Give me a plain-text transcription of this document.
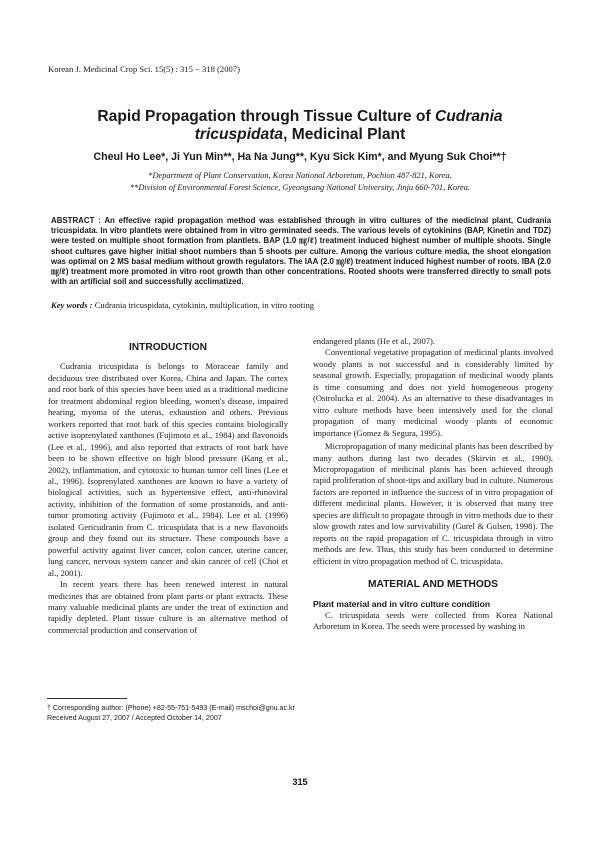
Korean J. Medicinal Crop Sci. 15(5) : 315 − 318 (2007)
Rapid Propagation through Tissue Culture of Cudrania
tricuspidata, Medicinal Plant
Cheul Ho Lee*, Ji Yun Min**, Ha Na Jung**, Kyu Sick Kim*, and Myung Suk Choi**†
*Department of Plant Conservation, Korea National Arboretum, Pochion 487-821, Korea.
**Division of Environmental Forest Science, Gyeongsang National University, Jinju 660-701, Korea.
ABSTRACT : An effective rapid propagation method was established through in vitro cultures of the medicinal plant, Cudrania tricuspidata. In vitro plantlets were obtained from in vitro germinated seeds. The various levels of cytokinins (BAP, Kinetin and TDZ) were tested on multiple shoot formation from plantlets. BAP (1.0 ㎎/ℓ) treatment induced highest number of multiple shoots. Single shoot cultures gave higher initial shoot numbers than 5 shoots per culture. Among the various culture media, the shoot elongation was optimal on 2 MS basal medium without growth regulators. The IAA (2.0 ㎎/ℓ) treatment induced highest number of roots. IBA (2.0 ㎎/ℓ) treatment more promoted in vitro root growth than other concentrations. Rooted shoots were transferred directly to small pots with an artificial soil and successfully acclimatized.
Key words : Cudrania tricuspidata, cytokinin, multiplication, in vitro rooting
INTRODUCTION

Cudrania tricuspidata is belongs to Moraceae family and deciduous tree distributed over Korea, China and Japan. The cortex and root bark of this species have been used as a traditional medicine for treatment abdominal region bleeding, women's disease, impaired hearing, myoma of the uterus, exhaustion and others. Previous workers reported that root bark of this species contains biologically active isoprenylated xanthones (Fujimoto et al., 1984) and flavonoids (Lee et al., 1996), and also reported that extracts of root bark have been to be shown effective on high blood pressure (Kang et al., 2002), inflammation, and cytotoxic to human tumor cell lines (Lee et al., 1996). Isoprenylated xanthones are known to have a variety of biological activities, such as hypertensive effect, anti-rhinoviral activity, inhibition of the formation of some prostanoids, and anti-tumor promoting activity (Fujimoto et al., 1984). Lee et al. (1996) isolated Gericudranin from C. tricuspidata that is a new flavonoids group and they found out its structure. These compounds have a powerful activity against liver cancer, colon cancer, uterine cancer, lung cancer, nervous system cancer and skin cancer of cell (Choi et al., 2001).

In recent years there has been renewed interest in natural medicines that are obtained from plant parts or plant extracts. These many valuable medicinal plants are under the treat of extinction and rapidly depleted. Plant tissue culture is an alternative method of commercial production and conservation of

endangered plants (He et al., 2007).

Conventional vegetative propagation of medicinal plants involved woody plants is not successful and is considerably limited by seasonal growth. Especially, propagation of medicinal woody plants is time consuming and does not yield homogeneous progeny (Ostrolucka et al. 2004). As an alternative to these disadvantages in vitro culture methods have been intensively used for the clonal propagation of many medicinal woody plants of economic importance (Gomez & Segura, 1995).

Micropropagation of many medicinal plants has been described by many authors during last two decades (Skirvin et al., 1990). Micropropagation of medicinal plants has been achieved through rapid proliferation of shoot-tips and axillary bud in culture. Numerous factors are reported in influence the success of in vitro propagation of different medicinal plants. However, it is observed that many tree species are difficult to propagate through in vitro methods due to their slow growth rates and low survivability (Gurel & Gulsen, 1998). The reports on the rapid propagation of C. tricuspidata through in vitro methods are few. Thus, this study has been conducted to determine efficient in vitro propagation method of C. tricuspidata.

MATERIAL AND METHODS

Plant material and in vitro culture condition

C. tricuspidata seeds were collected from Korea National Arboretum in Korea. The seeds were processed by washing in

† Corresponding author: (Phone) +82-55-751-5493 (E-mail) mschoi@gnu.ac.kr
Received August 27, 2007 / Accepted October 14, 2007
315
